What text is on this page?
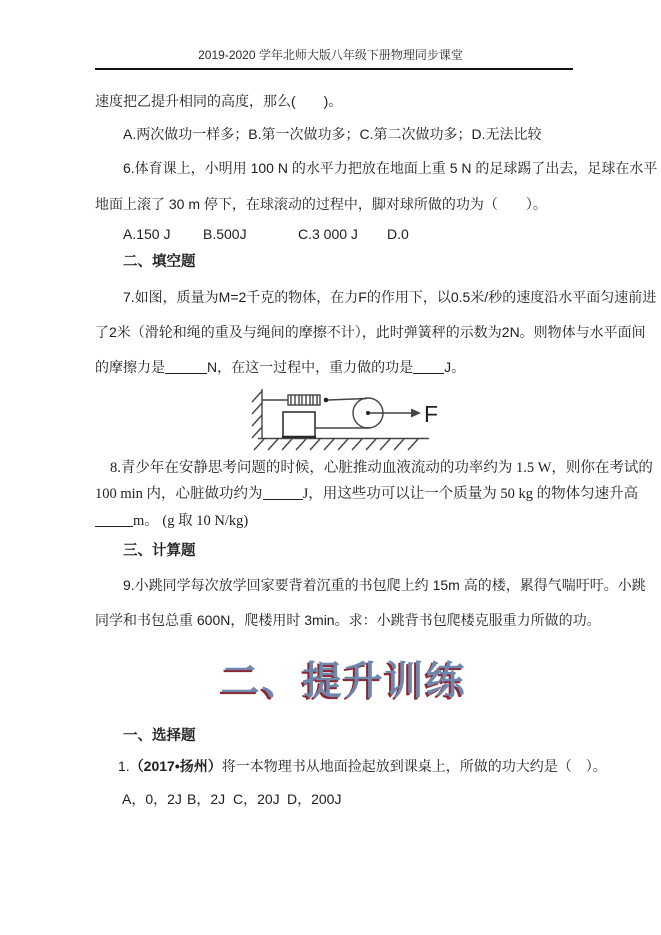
2019-2020 学年北师大版八年级下册物理同步课堂
速度把乙提升相同的高度，那么(　　)。
A.两次做功一样多；B.第一次做功多；C.第二次做功多；D.无法比较
6.体育课上，小明用 100 N 的水平力把放在地面上重 5 N 的足球踢了出去，足球在水平
地面上滚了 30 m 停下，在球滚动的过程中，脚对球所做的功为（　　）。
A.150 J B.500J	C.3 000 J D.0
二、填空题
7.如图，质量为M=2千克的物体，在力F的作用下，以0.5米/秒的速度沿水平面匀速前进
了2米（滑轮和绳的重及与绳间的摩擦不计），此时弹簧秤的示数为2N。则物体与水平面间
的摩擦力是	N，在这一过程中，重力做的功是 J。
F
8.青少年在安静思考问题的时候，心脏推动血液流动的功率约为 1.5 W，则你在考试的
100 min 内，心脏做功约为	J，用这些功可以让一个质量为 50 kg 的物体匀速升高
m。 (g 取 10 N/kg)
三、计算题
9.小跳同学每次放学回家要背着沉重的书包爬上约 15m 高的楼，累得气喘吁吁。小跳
同学和书包总重 600N，爬楼用时 3min。求：小跳背书包爬楼克服重力所做的功。
二、提升训练
一、选择题
1.（2017•扬州）将一本物理书从地面捡起放到课桌上，所做的功大约是（　）。
A，0，2J B，2J C，20J D，200J
